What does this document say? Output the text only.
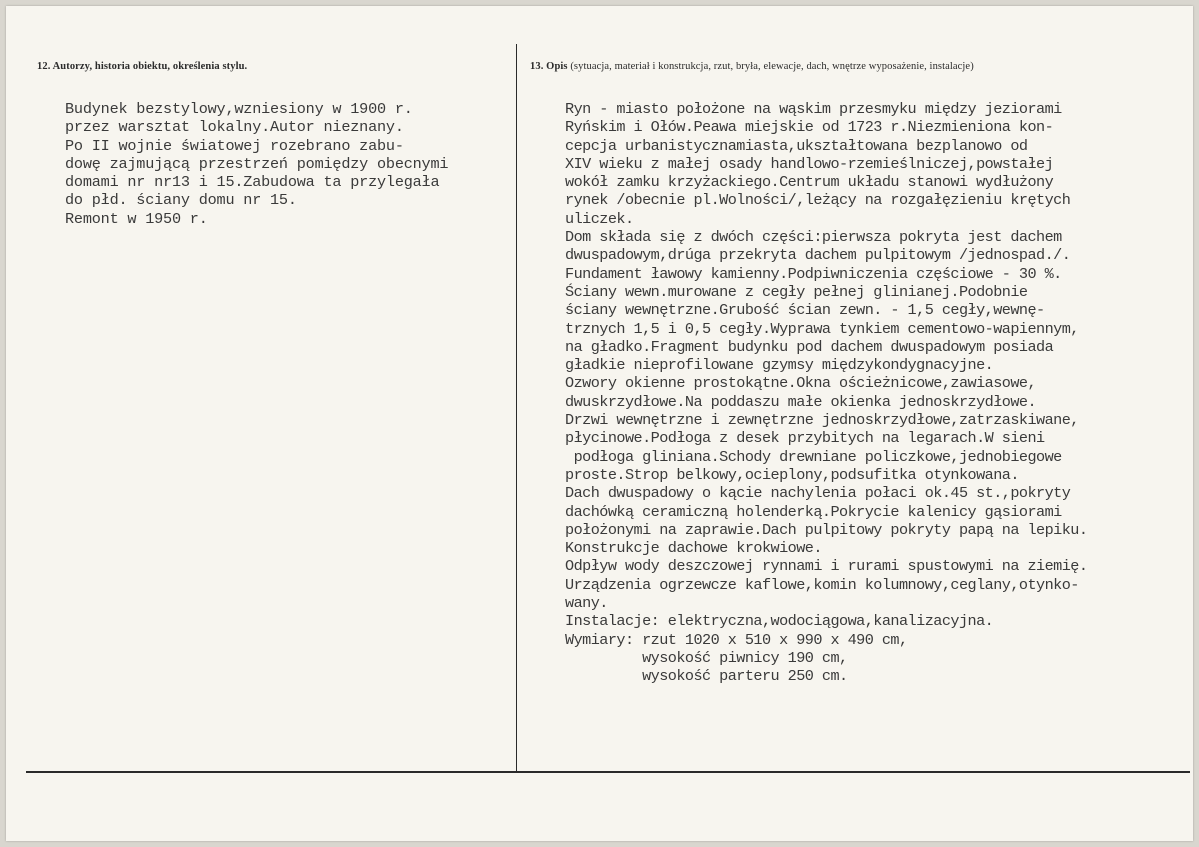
12. Autorzy, historia obiektu, określenia stylu.	13. Opis (sytuacja, materiał i konstrukcja, rzut, bryła, elewacje, dach, wnętrze wyposażenie, instalacje)
Budynek bezstylowy,wzniesiony w 1900 r.
przez warsztat lokalny.Autor nieznany.
Po II wojnie światowej rozebrano zabu-
dowę zajmującą przestrzeń pomiędzy obecnymi
domami nr nr13 i 15.Zabudowa ta przylegała
do płd. ściany domu nr 15.
Remont w 1950 r.
Ryn - miasto położone na wąskim przesmyku między jeziorami
Ryńskim i Ołów.Peawa miejskie od 1723 r.Niezmieniona kon-
cepcja urbanistycznamiasta,ukształtowana bezplanowo od
XIV wieku z małej osady handlowo-rzemieślniczej,powstałej
wokół zamku krzyżackiego.Centrum układu stanowi wydłużony
rynek /obecnie pl.Wolności/,leżący na rozgałęzieniu krętych
uliczek.
Dom składa się z dwóch części:pierwsza pokryta jest dachem
dwuspadowym,drúga przekryta dachem pulpitowym /jednospad./.
Fundament ławowy kamienny.Podpiwniczenia częściowe - 30 %.
Ściany wewn.murowane z cegły pełnej glinianej.Podobnie
ściany wewnętrzne.Grubość ścian zewn. - 1,5 cegły,wewnę-
trznych 1,5 i 0,5 cegły.Wyprawa tynkiem cementowo-wapiennym,
na gładko.Fragment budynku pod dachem dwuspadowym posiada
gładkie nieprofilowane gzymsy międzykondygnacyjne.
Ozwory okienne prostokątne.Okna ościeżnicowe,zawiasowe,
dwuskrzydłowe.Na poddaszu małe okienka jednoskrzydłowe.
Drzwi wewnętrzne i zewnętrzne jednoskrzydłowe,zatrzaskiwane,
płycinowe.Podłoga z desek przybitych na legarach.W sieni
podłoga gliniana.Schody drewniane policzkowe,jednobiegowe
proste.Strop belkowy,ocieplony,podsufitka otynkowana.
Dach dwuspadowy o kącie nachylenia połaci ok.45 st.,pokryty
dachówką ceramiczną holenderką.Pokrycie kalenicy gąsiorami
położonymi na zaprawie.Dach pulpitowy pokryty papą na lepiku.
Konstrukcje dachowe krokwiowe.
Odpływ wody deszczowej rynnami i rurami spustowymi na ziemię.
Urządzenia ogrzewcze kaflowe,komin kolumnowy,ceglany,otynko-
wany.
Instalacje: elektryczna,wodociągowa,kanalizacyjna.
Wymiary: rzut 1020 x 510 x 990 x 490 cm,
wysokość piwnicy 190 cm,
wysokość parteru 250 cm.
